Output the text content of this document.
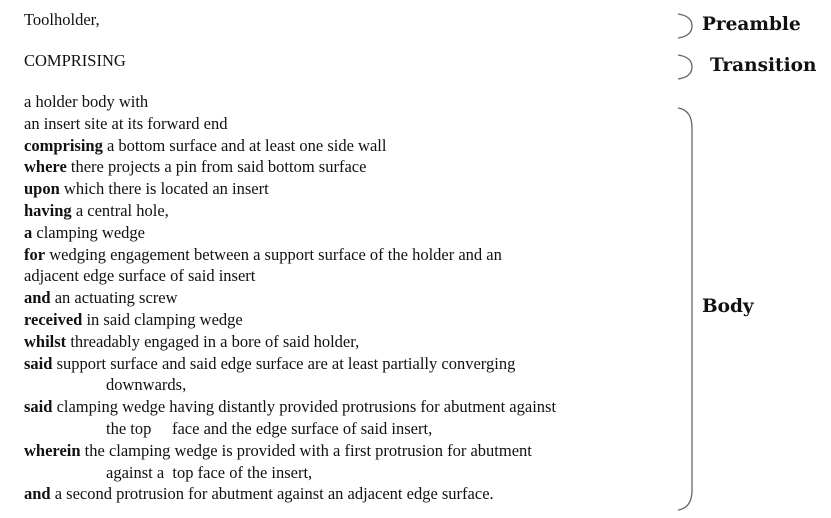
Toolholder,
COMPRISING
a holder body with
an insert site at its forward end
comprising a bottom surface and at least one side wall
where there projects a pin from said bottom surface
upon which there is located an insert
having a central hole,
a clamping wedge
for wedging engagement between a support surface of the holder and an
adjacent edge surface of said insert
and an actuating screw
received in said clamping wedge
whilst threadably engaged in a bore of said holder,
said support surface and said edge surface are at least partially converging
downwards,
said clamping wedge having distantly provided protrusions for abutment against
the top     face and the edge surface of said insert,
wherein the clamping wedge is provided with a first protrusion for abutment
against a  top face of the insert,
and a second protrusion for abutment against an adjacent edge surface.
Preamble
Transition
Body
